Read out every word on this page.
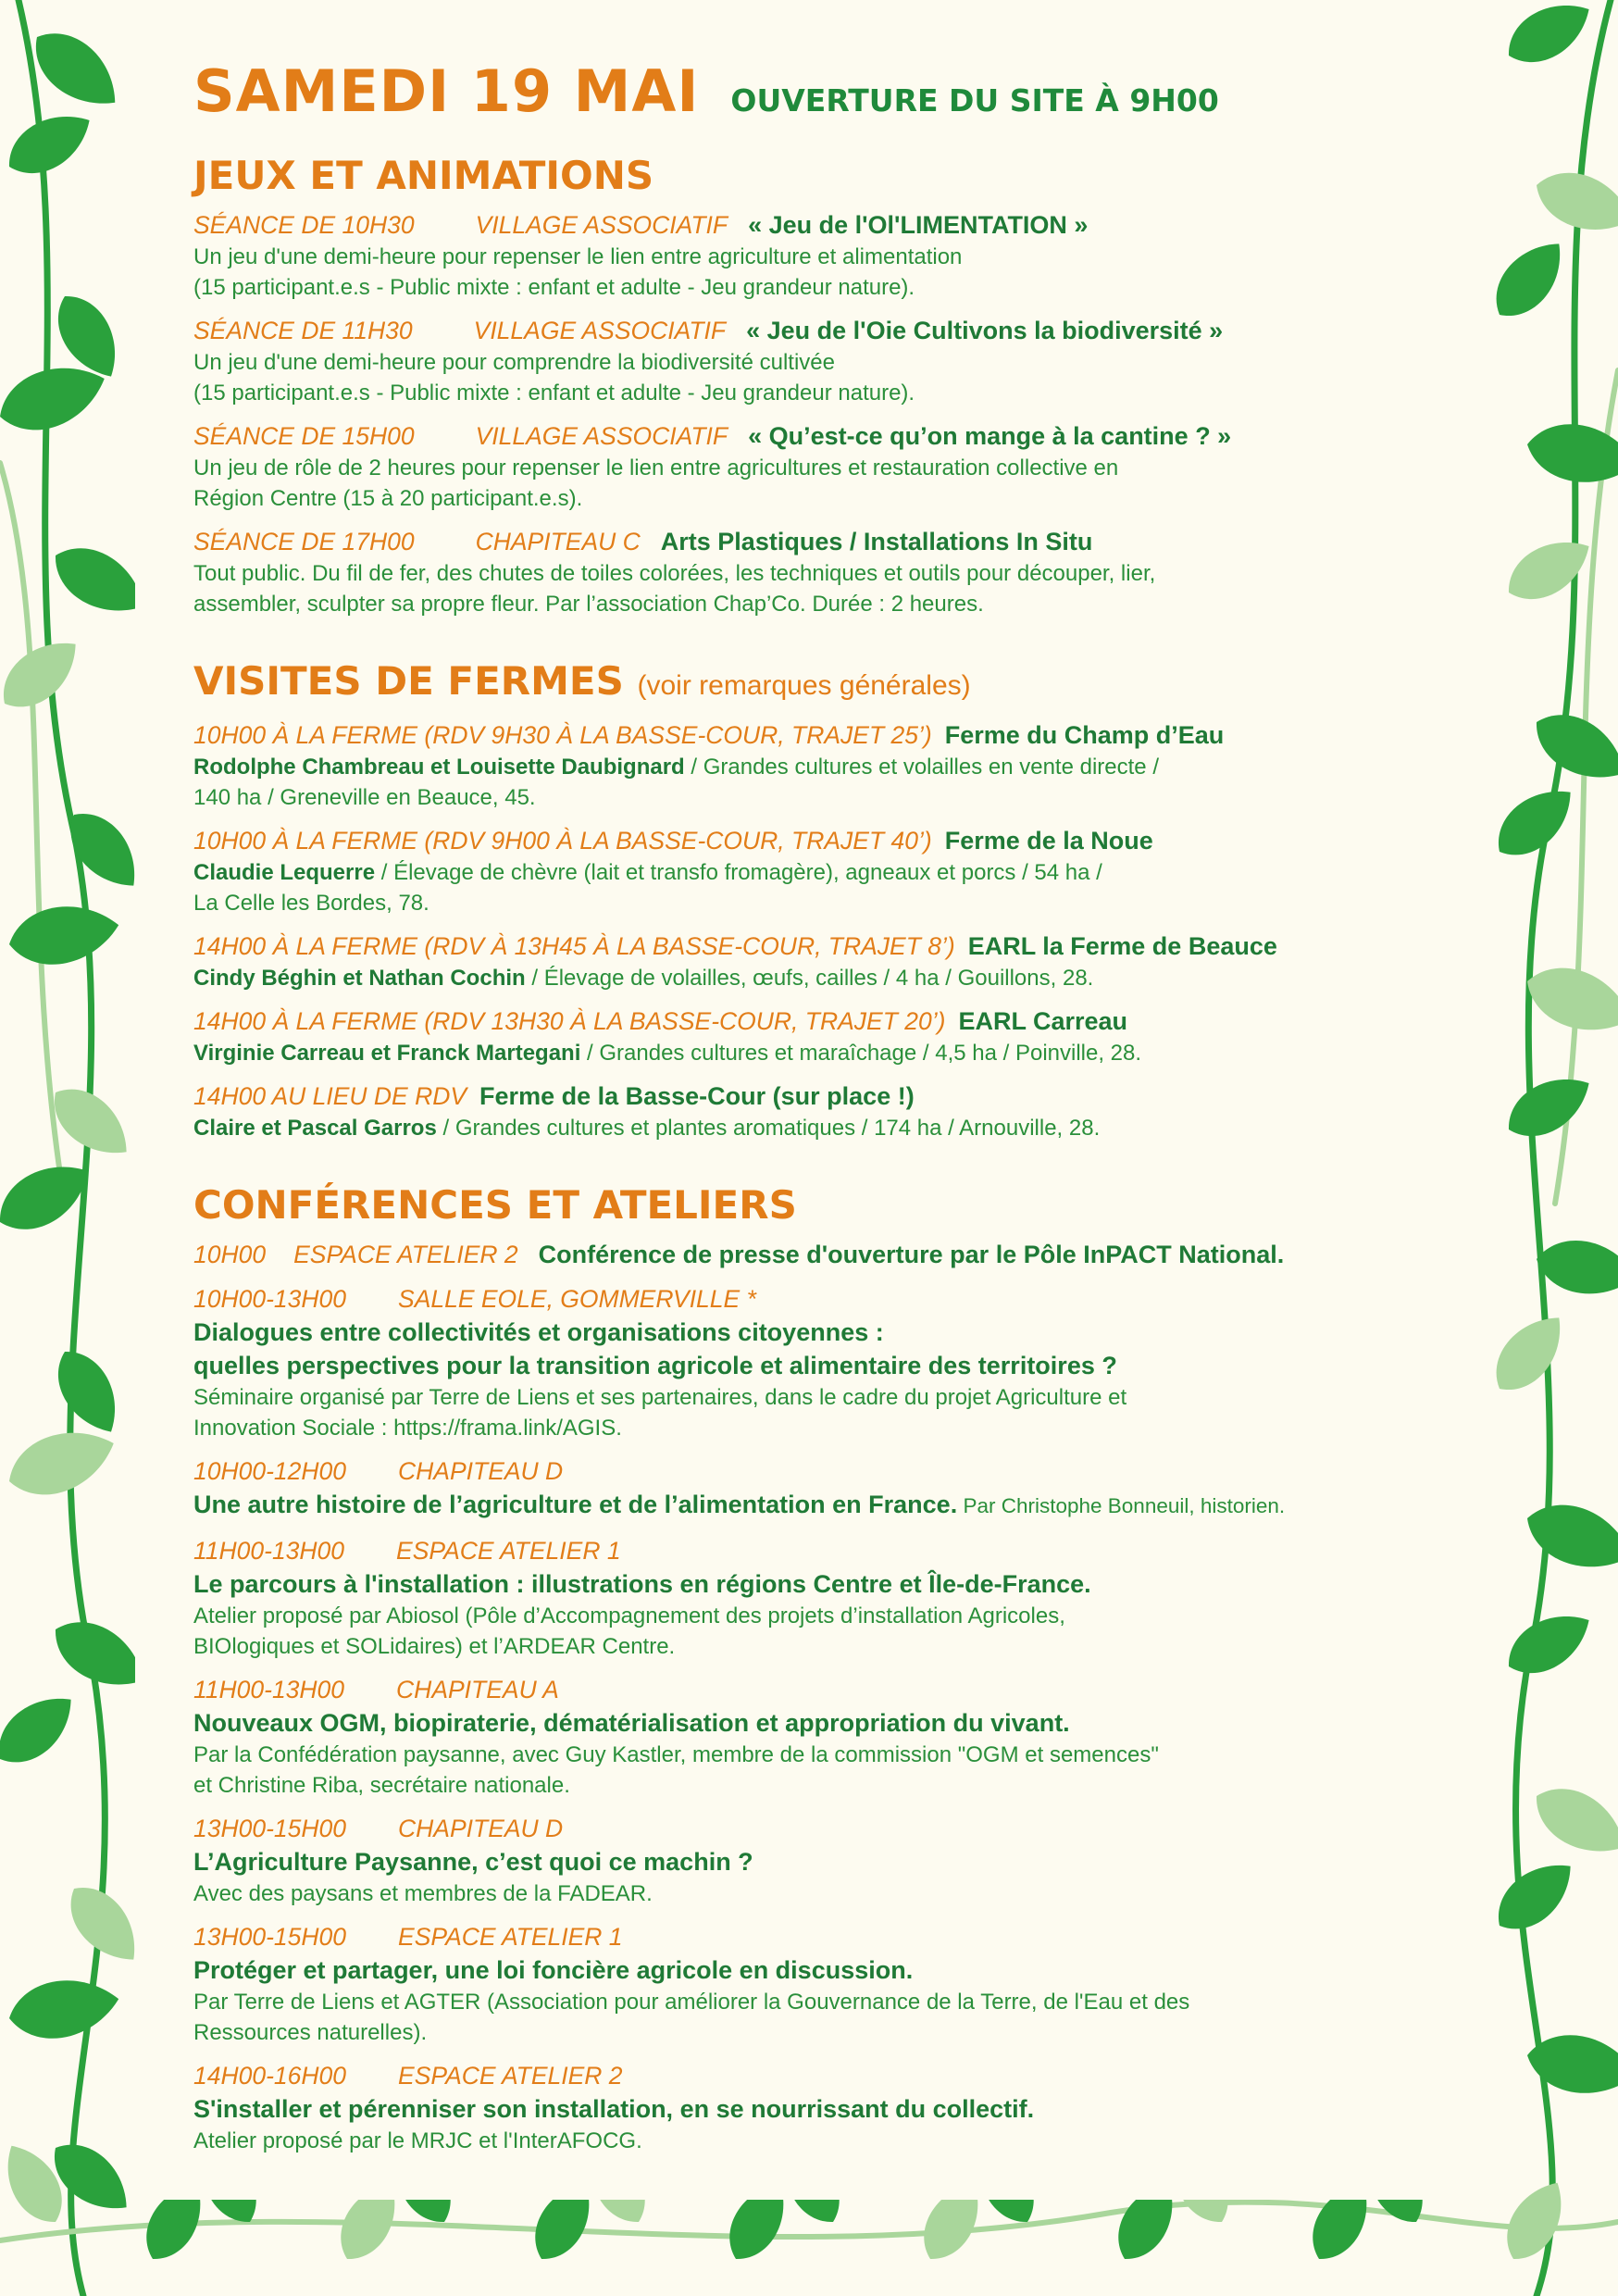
SAMEDI 19 MAI OUVERTURE DU SITE À 9H00
JEUX ET ANIMATIONS
SÉANCE DE 10H30 VILLAGE ASSOCIATIF « Jeu de l'Ol'LIMENTATION »
Un jeu d'une demi-heure pour repenser le lien entre agriculture et alimentation
(15 participant.e.s - Public mixte : enfant et adulte - Jeu grandeur nature).
SÉANCE DE 11H30 VILLAGE ASSOCIATIF « Jeu de l'Oie Cultivons la biodiversité »
Un jeu d'une demi-heure pour comprendre la biodiversité cultivée
(15 participant.e.s - Public mixte : enfant et adulte - Jeu grandeur nature).
SÉANCE DE 15H00 VILLAGE ASSOCIATIF « Qu’est-ce qu’on mange à la cantine ? »
Un jeu de rôle de 2 heures pour repenser le lien entre agricultures et restauration collective en
Région Centre (15 à 20 participant.e.s).
SÉANCE DE 17H00 CHAPITEAU C Arts Plastiques / Installations In Situ
Tout public. Du fil de fer, des chutes de toiles colorées, les techniques et outils pour découper, lier,
assembler, sculpter sa propre fleur. Par l’association Chap’Co. Durée : 2 heures.
VISITES DE FERMES (voir remarques générales)
10H00 À LA FERME (RDV 9H30 À LA BASSE-COUR, TRAJET 25’) Ferme du Champ d’Eau
Rodolphe Chambreau et Louisette Daubignard / Grandes cultures et volailles en vente directe /
140 ha / Greneville en Beauce, 45.
10H00 À LA FERME (RDV 9H00 À LA BASSE-COUR, TRAJET 40’) Ferme de la Noue
Claudie Lequerre / Élevage de chèvre (lait et transfo fromagère), agneaux et porcs / 54 ha /
La Celle les Bordes, 78.
14H00 À LA FERME (RDV À 13H45 À LA BASSE-COUR, TRAJET 8’) EARL la Ferme de Beauce
Cindy Béghin et Nathan Cochin / Élevage de volailles, œufs, cailles / 4 ha / Gouillons, 28.
14H00 À LA FERME (RDV 13H30 À LA BASSE-COUR, TRAJET 20’) EARL Carreau
Virginie Carreau et Franck Martegani / Grandes cultures et maraîchage / 4,5 ha / Poinville, 28.
14H00 AU LIEU DE RDV Ferme de la Basse-Cour (sur place !)
Claire et Pascal Garros / Grandes cultures et plantes aromatiques / 174 ha / Arnouville, 28.
CONFÉRENCES ET ATELIERS
10H00 ESPACE ATELIER 2 Conférence de presse d'ouverture par le Pôle InPACT National.
10H00-13H00 SALLE EOLE, GOMMERVILLE *
Dialogues entre collectivités et organisations citoyennes :
quelles perspectives pour la transition agricole et alimentaire des territoires ?
Séminaire organisé par Terre de Liens et ses partenaires, dans le cadre du projet Agriculture et
Innovation Sociale : https://frama.link/AGIS.
10H00-12H00 CHAPITEAU D
Une autre histoire de l’agriculture et de l’alimentation en France. Par Christophe Bonneuil, historien.
11H00-13H00 ESPACE ATELIER 1
Le parcours à l'installation : illustrations en régions Centre et Île-de-France.
Atelier proposé par Abiosol (Pôle d’Accompagnement des projets d’installation Agricoles,
BIOlogiques et SOLidaires) et l’ARDEAR Centre.
11H00-13H00 CHAPITEAU A
Nouveaux OGM, biopiraterie, dématérialisation et appropriation du vivant.
Par la Confédération paysanne, avec Guy Kastler, membre de la commission "OGM et semences"
et Christine Riba, secrétaire nationale.
13H00-15H00 CHAPITEAU D
L’Agriculture Paysanne, c’est quoi ce machin ?
Avec des paysans et membres de la FADEAR.
13H00-15H00 ESPACE ATELIER 1
Protéger et partager, une loi foncière agricole en discussion.
Par Terre de Liens et AGTER (Association pour améliorer la Gouvernance de la Terre, de l'Eau et des
Ressources naturelles).
14H00-16H00 ESPACE ATELIER 2
S'installer et pérenniser son installation, en se nourrissant du collectif.
Atelier proposé par le MRJC et l'InterAFOCG.
